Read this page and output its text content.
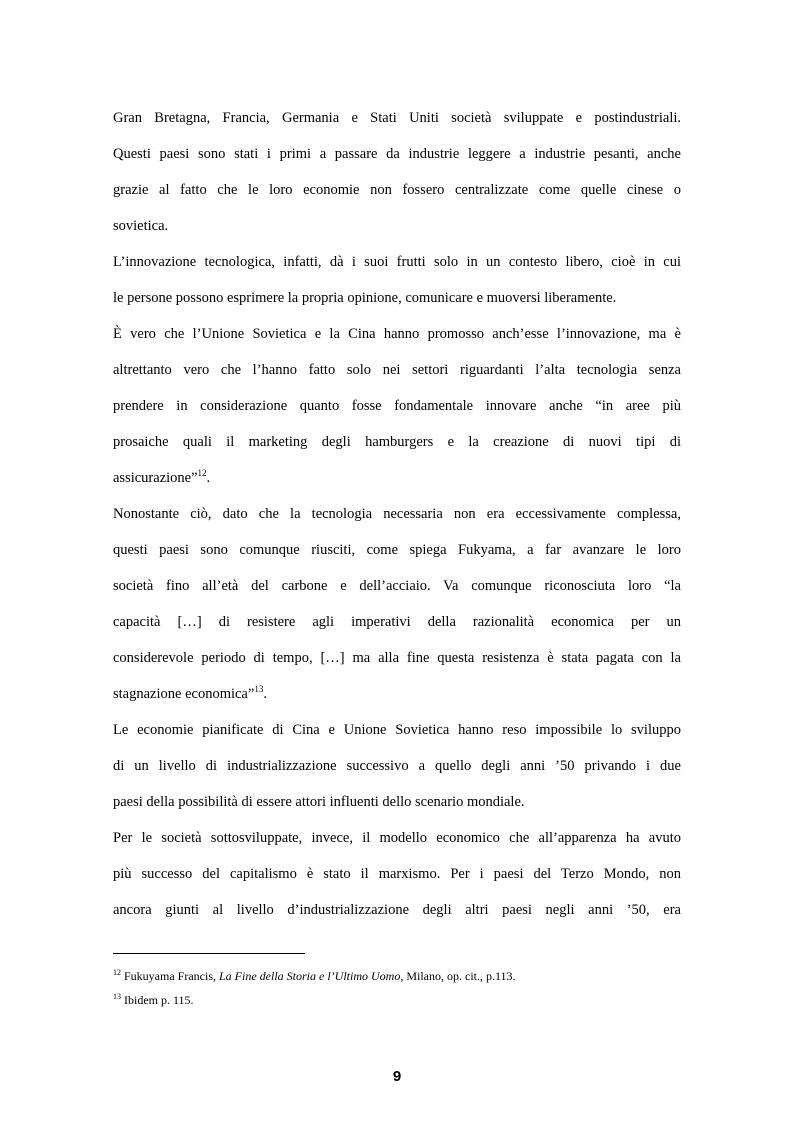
Gran Bretagna, Francia, Germania e Stati Uniti società sviluppate e postindustriali.
Questi paesi sono stati i primi a passare da industrie leggere a industrie pesanti, anche
grazie al fatto che le loro economie non fossero centralizzate come quelle cinese o
sovietica.
L’innovazione tecnologica, infatti, dà i suoi frutti solo in un contesto libero, cioè in cui
le persone possono esprimere la propria opinione, comunicare e muoversi liberamente.
È vero che l’Unione Sovietica e la Cina hanno promosso anch’esse l’innovazione, ma è
altrettanto vero che l’hanno fatto solo nei settori riguardanti l’alta tecnologia senza
prendere in considerazione quanto fosse fondamentale innovare anche “in aree più
prosaiche quali il marketing degli hamburgers e la creazione di nuovi tipi di
assicurazione”$^{12}$.
Nonostante ciò, dato che la tecnologia necessaria non era eccessivamente complessa,
questi paesi sono comunque riusciti, come spiega Fukyama, a far avanzare le loro
società fino all’età del carbone e dell’acciaio. Va comunque riconosciuta loro “la
capacità […] di resistere agli imperativi della razionalità economica per un
considerevole periodo di tempo, […] ma alla fine questa resistenza è stata pagata con la
stagnazione economica”$^{13}$.
Le economie pianificate di Cina e Unione Sovietica hanno reso impossibile lo sviluppo
di un livello di industrializzazione successivo a quello degli anni ’50 privando i due
paesi della possibilità di essere attori influenti dello scenario mondiale.
Per le società sottosviluppate, invece, il modello economico che all’apparenza ha avuto
più successo del capitalismo è stato il marxismo. Per i paesi del Terzo Mondo, non
ancora giunti al livello d’industrializzazione degli altri paesi negli anni ’50, era
$^{12}$ Fukuyama Francis, La Fine della Storia e l’Ultimo Uomo, Milano, op. cit., p.113.
$^{13}$ Ibidem p. 115.
9
